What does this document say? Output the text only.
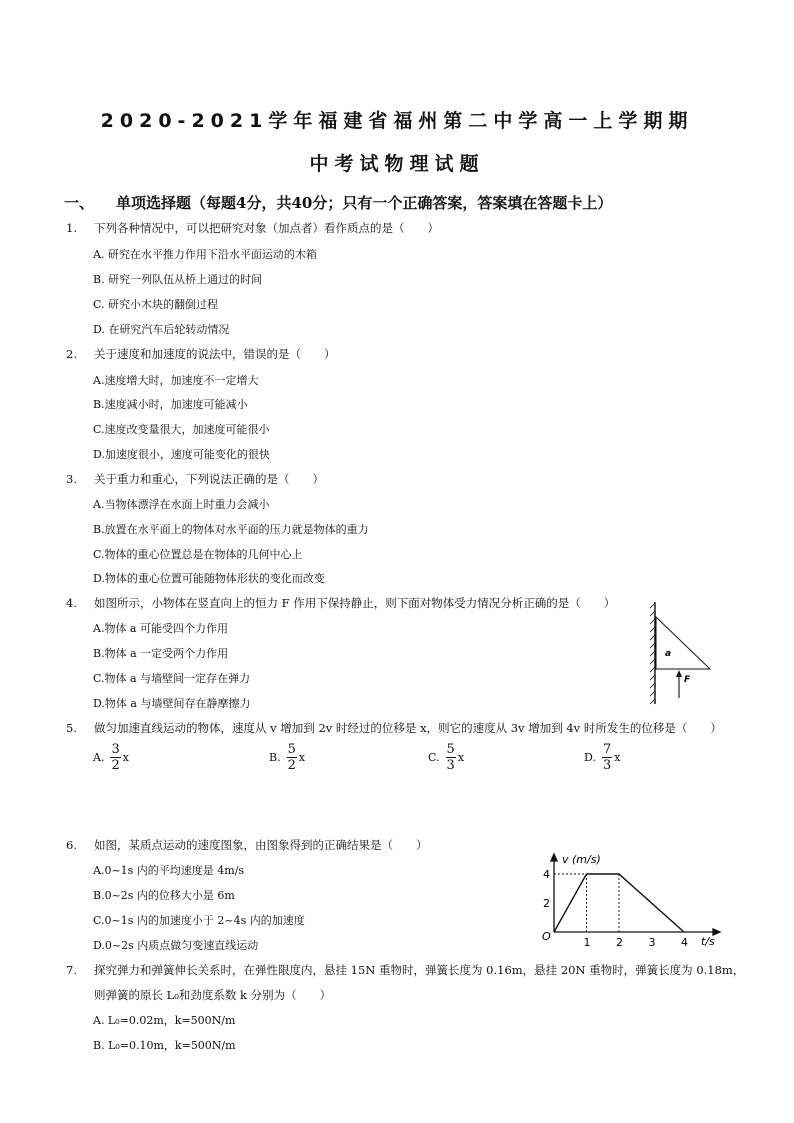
2020-2021学年福建省福州第二中学高一上学期期
中考试物理试题
一、 单项选择题（每题4分，共40分；只有一个正确答案，答案填在答题卡上）
1. 下列各种情况中，可以把研究对象（加点者）看作质点的是（　　）
A. 研究在水平推力作用下沿水平面运动的木箱
B. 研究一列队伍从桥上通过的时间
C. 研究小木块的翻倒过程
D. 在研究汽车后轮转动情况
2. 关于速度和加速度的说法中，错误的是（　　）
A.速度增大时，加速度不一定增大
B.速度减小时，加速度可能减小
C.速度改变量很大，加速度可能很小
D.加速度很小，速度可能变化的很快
3. 关于重力和重心，下列说法正确的是（　　）
A.当物体漂浮在水面上时重力会减小
B.放置在水平面上的物体对水平面的压力就是物体的重力
C.物体的重心位置总是在物体的几何中心上
D.物体的重心位置可能随物体形状的变化而改变
4. 如图所示，小物体在竖直向上的恒力 F 作用下保持静止，则下面对物体受力情况分析正确的是（　　）
A.物体 a 可能受四个力作用
B.物体 a 一定受两个力作用
C.物体 a 与墙壁间一定存在弹力
D.物体 a 与墙壁间存在静摩擦力
a
F
5. 做匀加速直线运动的物体，速度从 v 增加到 2v 时经过的位移是 x，则它的速度从 3v 增加到 4v 时所发生的位移是（　　）
A. $\frac{3}{2}$ x	B. $\frac{5}{2}$ x	C. $\frac{5}{3}$ x	D. $\frac{7}{3}$ x
6. 如图，某质点运动的速度图象，由图象得到的正确结果是（　　）
A.0~1s 内的平均速度是 4m/s
B.0~2s 内的位移大小是 6m
C.0~1s 内的加速度小于 2~4s 内的加速度
D.0~2s 内质点做匀变速直线运动
v (m/s)
t/s
O	1 2 3 4
4
2
7. 探究弹力和弹簧伸长关系时，在弹性限度内，悬挂 15N 重物时，弹簧长度为 0.16m，悬挂 20N 重物时，弹簧长度为 0.18m，
则弹簧的原长 L₀和劲度系数 k 分别为（　　）
A. L₀=0.02m，k=500N/m
B. L₀=0.10m，k=500N/m
